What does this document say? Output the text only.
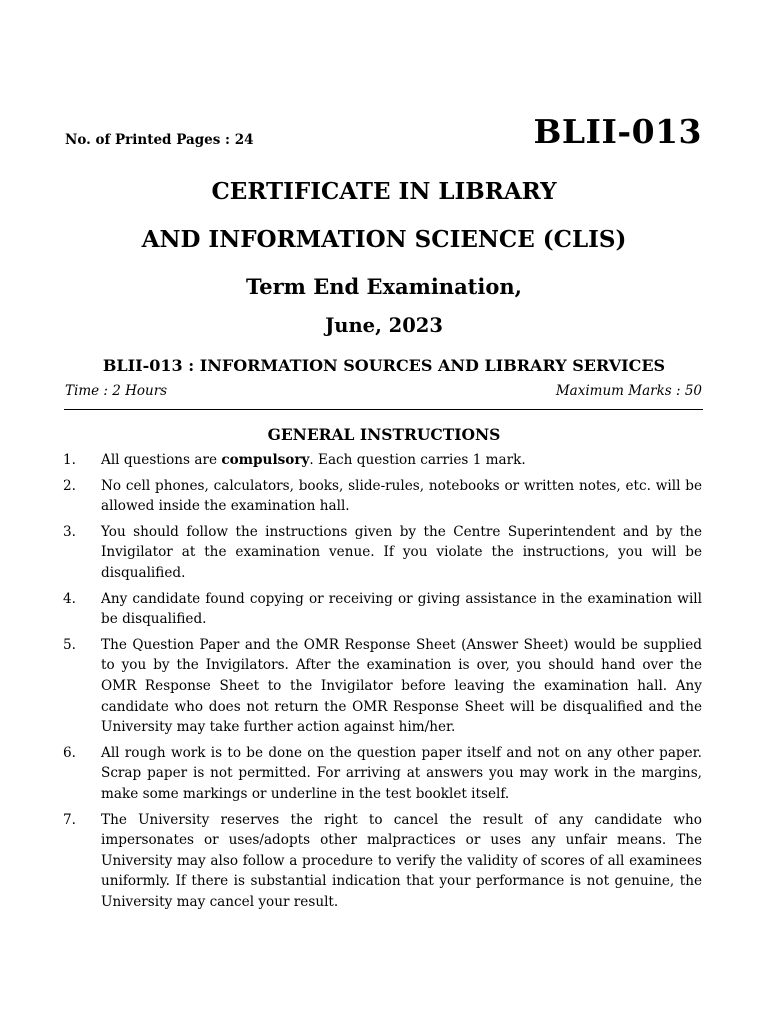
No. of Printed Pages : 24	BLII-013
CERTIFICATE IN LIBRARY
AND INFORMATION SCIENCE (CLIS)
Term End Examination,
June, 2023
BLII-013 : INFORMATION SOURCES AND LIBRARY SERVICES
Time : 2 Hours	Maximum Marks : 50
GENERAL INSTRUCTIONS
1. All questions are compulsory. Each question carries 1 mark.
2. No cell phones, calculators, books, slide-rules, notebooks or written notes, etc. will be allowed inside the examination hall.
3. You should follow the instructions given by the Centre Superintendent and by the Invigilator at the examination venue. If you violate the instructions, you will be disqualified.
4. Any candidate found copying or receiving or giving assistance in the examination will be disqualified.
5. The Question Paper and the OMR Response Sheet (Answer Sheet) would be supplied to you by the Invigilators. After the examination is over, you should hand over the OMR Response Sheet to the Invigilator before leaving the examination hall. Any candidate who does not return the OMR Response Sheet will be disqualified and the University may take further action against him/her.
6. All rough work is to be done on the question paper itself and not on any other paper. Scrap paper is not permitted. For arriving at answers you may work in the margins, make some markings or underline in the test booklet itself.
7. The University reserves the right to cancel the result of any candidate who impersonates or uses/adopts other malpractices or uses any unfair means. The University may also follow a procedure to verify the validity of scores of all examinees uniformly. If there is substantial indication that your performance is not genuine, the University may cancel your result.
